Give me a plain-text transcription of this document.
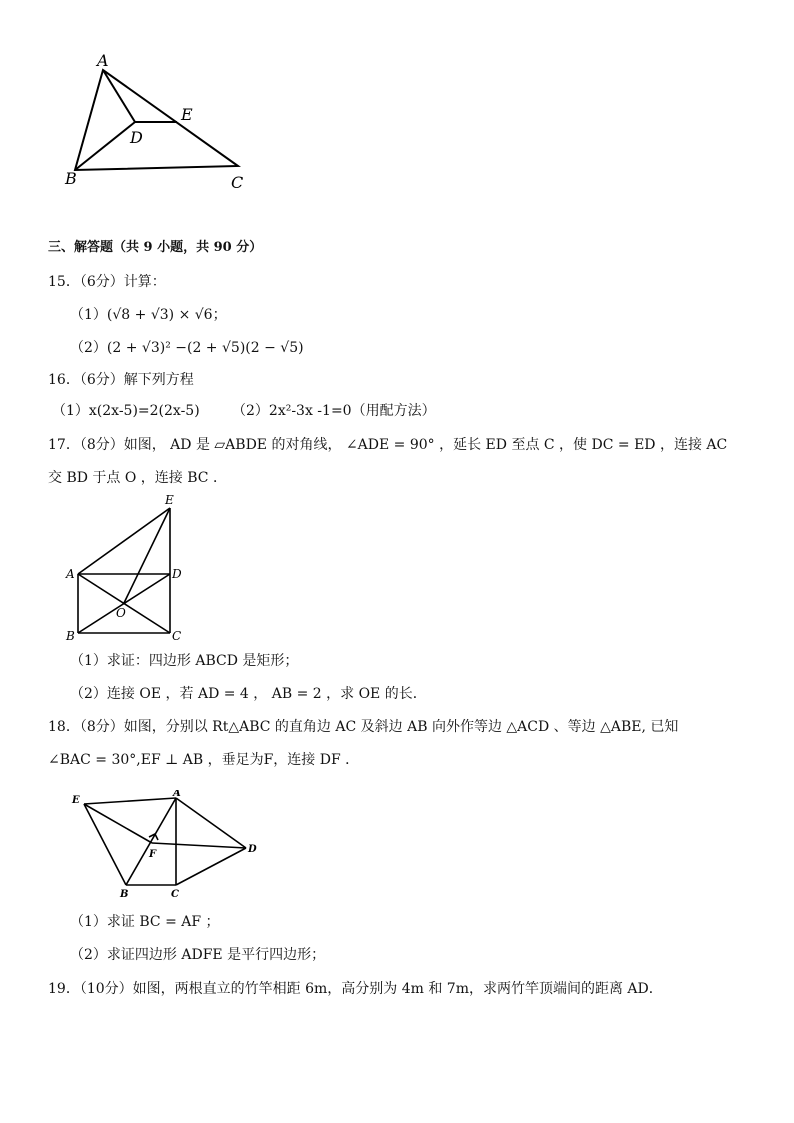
A
B	C
D
E
三、解答题（共 9 小题，共 90 分）
15．（6分）计算：
（1）(√8 + √3) × √6；
（2）(2 + √3)² −(2 + √5)(2 − √5)
16．（6分）解下列方程
（1）x(2x-5)=2(2x-5) （2）2x²-3x -1=0（用配方法）
17．（8分）如图， AD 是 ▱ABDE 的对角线， ∠ADE = 90° ，延长 ED 至点 C ，使 DC = ED ，连接 AC
交 BD 于点 O ，连接 BC ．
E
A	D
O
B	C
（1）求证：四边形 ABCD 是矩形；
（2）连接 OE ，若 AD = 4 ， AB = 2 ，求 OE 的长．
18．（8分）如图，分别以 Rt△ABC 的直角边 AC 及斜边 AB 向外作等边 △ACD 、等边 △ABE, 已知
∠BAC = 30°,EF ⊥ AB ，垂足为F，连接 DF ．
E
A
F	D
B	C
（1）求证 BC = AF ；
（2）求证四边形 ADFE 是平行四边形；
19．（10分）如图，两根直立的竹竿相距 6m，高分别为 4m 和 7m，求两竹竿顶端间的距离 AD．
